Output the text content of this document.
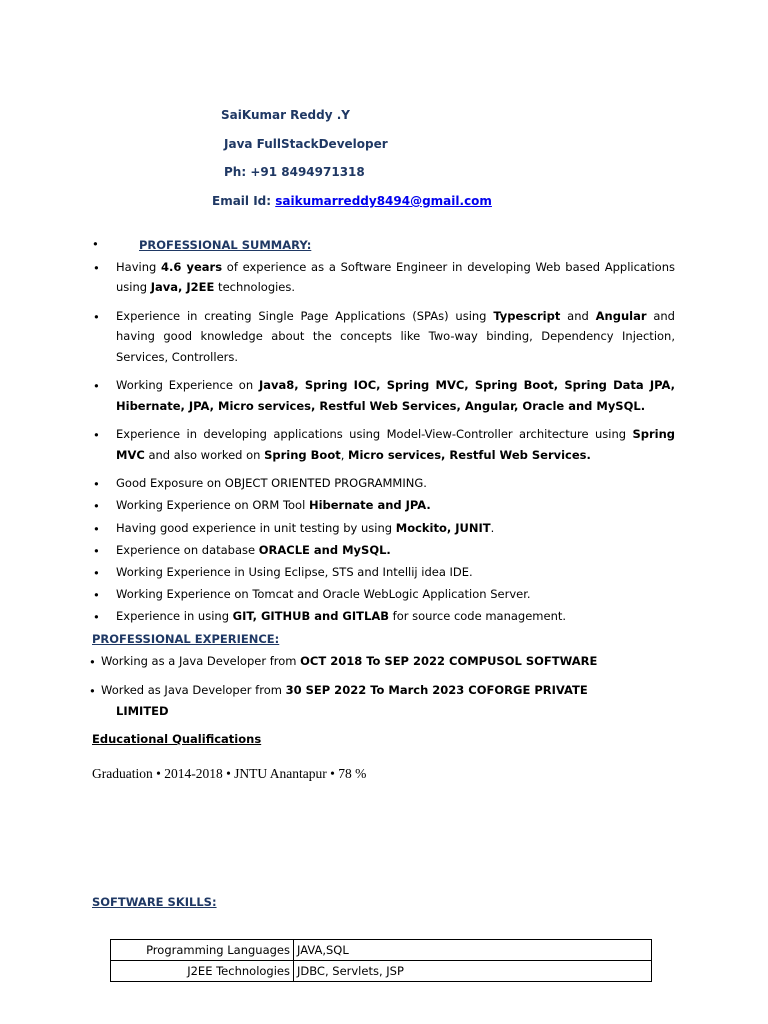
SaiKumar Reddy .Y
Java FullStackDeveloper
Ph: +91 8494971318
Email Id: saikumarreddy8494@gmail.com
•	PROFESSIONAL SUMMARY:
• Having 4.6 years of experience as a Software Engineer in developing Web based Applications
using Java, J2EE technologies.
• Experience in creating Single Page Applications (SPAs) using Typescript and Angular and
having good knowledge about the concepts like Two-way binding, Dependency Injection,
Services, Controllers.
• Working Experience on Java8, Spring IOC, Spring MVC, Spring Boot, Spring Data JPA,
Hibernate, JPA, Micro services, Restful Web Services, Angular, Oracle and MySQL.
• Experience in developing applications using Model-View-Controller architecture using Spring
MVC and also worked on Spring Boot, Micro services, Restful Web Services.
• Good Exposure on OBJECT ORIENTED PROGRAMMING.
• Working Experience on ORM Tool Hibernate and JPA.
• Having good experience in unit testing by using Mockito, JUNIT.
• Experience on database ORACLE and MySQL.
• Working Experience in Using Eclipse, STS and Intellij idea IDE.
• Working Experience on Tomcat and Oracle WebLogic Application Server.
• Experience in using GIT, GITHUB and GITLAB for source code management.
PROFESSIONAL EXPERIENCE:
• Working as a Java Developer from OCT 2018 To SEP 2022 COMPUSOL SOFTWARE
• Worked as Java Developer from 30 SEP 2022 To March 2023 COFORGE PRIVATE
LIMITED
Educational Qualifications
Graduation • 2014-2018 • JNTU Anantapur • 78 %
SOFTWARE SKILLS:
Programming Languages	JAVA,SQL
J2EE Technologies	JDBC, Servlets, JSP
